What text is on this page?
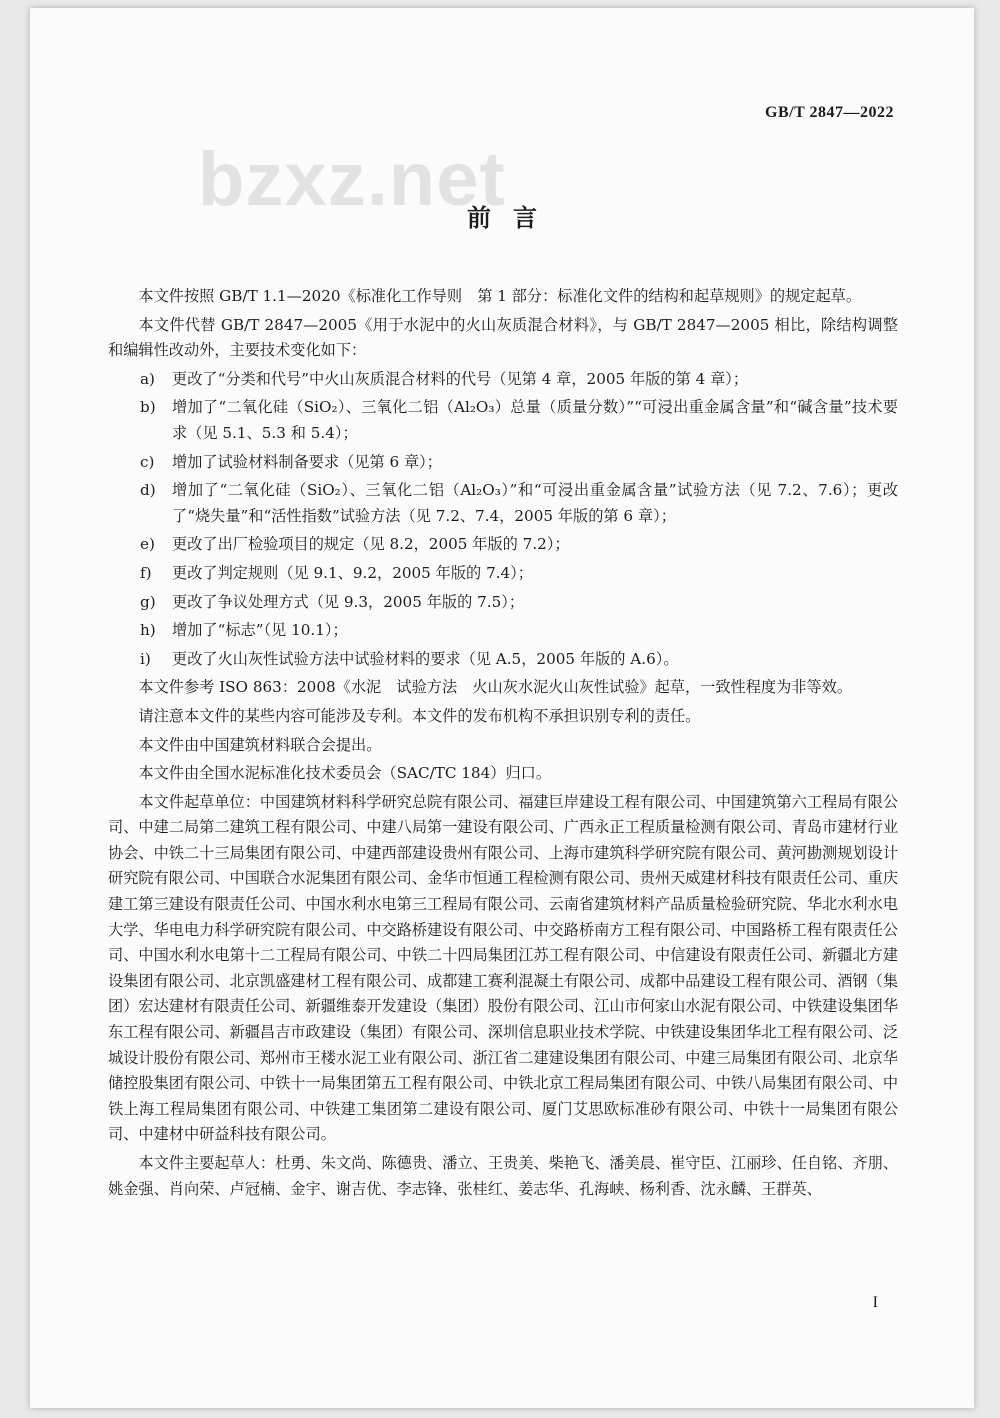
GB/T 2847—2022
bzxz.net
前言

本文件按照 GB/T 1.1—2020《标准化工作导则　第 1 部分：标准化文件的结构和起草规则》的规定起草。

本文件代替 GB/T 2847—2005《用于水泥中的火山灰质混合材料》，与 GB/T 2847—2005 相比，除结构调整和编辑性改动外，主要技术变化如下：

a)	更改了“分类和代号”中火山灰质混合材料的代号（见第 4 章，2005 年版的第 4 章）；
b)	增加了“二氧化硅（SiO₂）、三氧化二铝（Al₂O₃）总量（质量分数）”“可浸出重金属含量”和“碱含量”技术要求（见 5.1、5.3 和 5.4）；
c)	增加了试验材料制备要求（见第 6 章）；
d)	增加了“二氧化硅（SiO₂）、三氧化二铝（Al₂O₃）”和“可浸出重金属含量”试验方法（见 7.2、7.6）；更改了“烧失量”和“活性指数”试验方法（见 7.2、7.4，2005 年版的第 6 章）；
e)	更改了出厂检验项目的规定（见 8.2，2005 年版的 7.2）；
f)	更改了判定规则（见 9.1、9.2，2005 年版的 7.4）；
g)	更改了争议处理方式（见 9.3，2005 年版的 7.5）；
h)	增加了“标志”（见 10.1）；
i)	更改了火山灰性试验方法中试验材料的要求（见 A.5，2005 年版的 A.6）。

本文件参考 ISO 863：2008《水泥　试验方法　火山灰水泥火山灰性试验》起草，一致性程度为非等效。

请注意本文件的某些内容可能涉及专利。本文件的发布机构不承担识别专利的责任。

本文件由中国建筑材料联合会提出。

本文件由全国水泥标准化技术委员会（SAC/TC 184）归口。

本文件起草单位：中国建筑材料科学研究总院有限公司、福建巨岸建设工程有限公司、中国建筑第六工程局有限公司、中建二局第二建筑工程有限公司、中建八局第一建设有限公司、广西永正工程质量检测有限公司、青岛市建材行业协会、中铁二十三局集团有限公司、中建西部建设贵州有限公司、上海市建筑科学研究院有限公司、黄河勘测规划设计研究院有限公司、中国联合水泥集团有限公司、金华市恒通工程检测有限公司、贵州天威建材科技有限责任公司、重庆建工第三建设有限责任公司、中国水利水电第三工程局有限公司、云南省建筑材料产品质量检验研究院、华北水利水电大学、华电电力科学研究院有限公司、中交路桥建设有限公司、中交路桥南方工程有限公司、中国路桥工程有限责任公司、中国水利水电第十二工程局有限公司、中铁二十四局集团江苏工程有限公司、中信建设有限责任公司、新疆北方建设集团有限公司、北京凯盛建材工程有限公司、成都建工赛利混凝土有限公司、成都中品建设工程有限公司、酒钢（集团）宏达建材有限责任公司、新疆维泰开发建设（集团）股份有限公司、江山市何家山水泥有限公司、中铁建设集团华东工程有限公司、新疆昌吉市政建设（集团）有限公司、深圳信息职业技术学院、中铁建设集团华北工程有限公司、泛城设计股份有限公司、郑州市王楼水泥工业有限公司、浙江省二建建设集团有限公司、中建三局集团有限公司、北京华储控股集团有限公司、中铁十一局集团第五工程有限公司、中铁北京工程局集团有限公司、中铁八局集团有限公司、中铁上海工程局集团有限公司、中铁建工集团第二建设有限公司、厦门艾思欧标准砂有限公司、中铁十一局集团有限公司、中建材中研益科技有限公司。

本文件主要起草人：杜勇、朱文尚、陈德贵、潘立、王贵美、柴艳飞、潘美晨、崔守臣、江丽珍、任自铭、齐朋、姚金强、肖向荣、卢冠楠、金宇、谢吉优、李志锋、张桂红、姜志华、孔海峡、杨利香、沈永麟、王群英、

I
